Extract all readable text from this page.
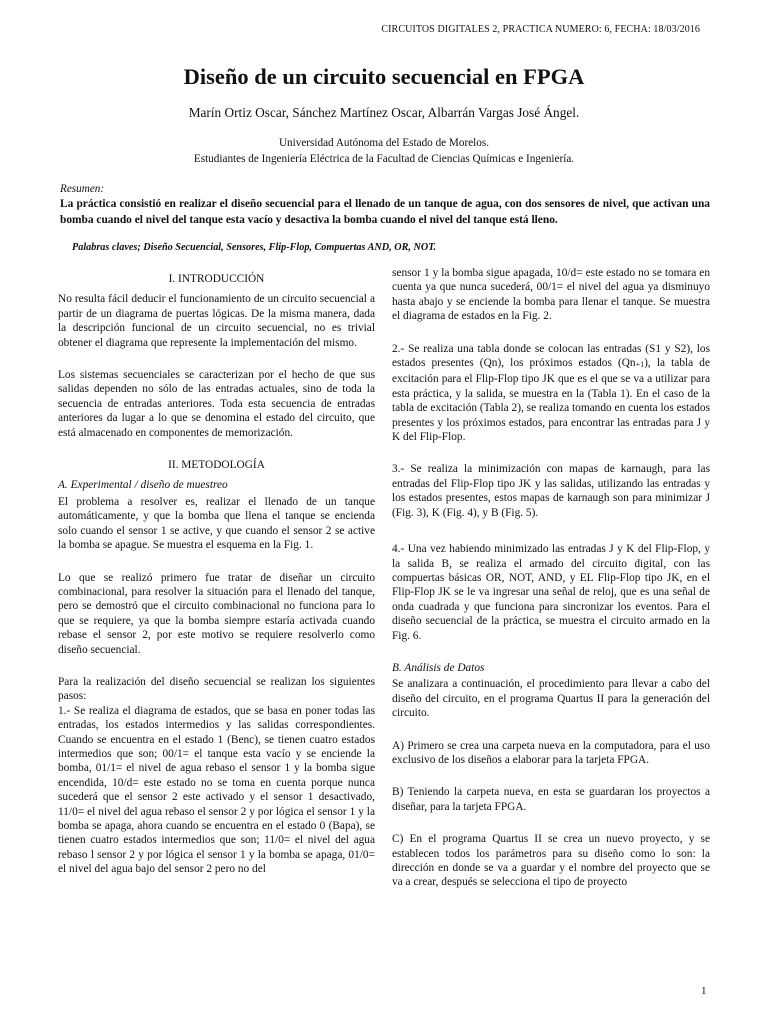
CIRCUITOS DIGITALES 2, PRACTICA NUMERO: 6, FECHA: 18/03/2016
Diseño de un circuito secuencial en FPGA
Marín Ortiz Oscar, Sánchez Martínez Oscar, Albarrán Vargas José Ángel.
Universidad Autónoma del Estado de Morelos.
Estudiantes de Ingeniería Eléctrica de la Facultad de Ciencias Químicas e Ingeniería.
Resumen:
La práctica consistió en realizar el diseño secuencial para el llenado de un tanque de agua, con dos sensores de nivel, que activan una bomba cuando el nivel del tanque esta vacío y desactiva la bomba cuando el nivel del tanque está lleno.
Palabras claves; Diseño Secuencial, Sensores, Flip-Flop, Compuertas AND, OR, NOT.

I. INTRODUCCIÓN

No resulta fácil deducir el funcionamiento de un circuito secuencial a partir de un diagrama de puertas lógicas. De la misma manera, dada la descripción funcional de un circuito secuencial, no es trivial obtener el diagrama que represente la implementación del mismo.

Los sistemas secuenciales se caracterizan por el hecho de que sus salidas dependen no sólo de las entradas actuales, sino de toda la secuencia de entradas anteriores. Toda esta secuencia de entradas anteriores da lugar a lo que se denomina el estado del circuito, que está almacenado en componentes de memorización.

II. METODOLOGÍA

A. Experimental / diseño de muestreo

El problema a resolver es, realizar el llenado de un tanque automáticamente, y que la bomba que llena el tanque se encienda solo cuando el sensor 1 se active, y que cuando el sensor 2 se active la bomba se apague. Se muestra el esquema en la Fig. 1.

Lo que se realizó primero fue tratar de diseñar un circuito combinacional, para resolver la situación para el llenado del tanque, pero se demostró que el circuito combinacional no funciona para lo que se requiere, ya que la bomba siempre estaría activada cuando rebase el sensor 2, por este motivo se requiere resolverlo como diseño secuencial.

Para la realización del diseño secuencial se realizan los siguientes pasos:

1.- Se realiza el diagrama de estados, que se basa en poner todas las entradas, los estados intermedios y las salidas correspondientes. Cuando se encuentra en el estado 1 (Benc), se tienen cuatro estados intermedios que son; 00/1= el tanque esta vacío y se enciende la bomba, 01/1= el nivel de agua rebaso el sensor 1 y la bomba sigue encendida, 10/d= este estado no se toma en cuenta porque nunca sucederá que el sensor 2 este activado y el sensor 1 desactivado, 11/0= el nivel del agua rebaso el sensor 2 y por lógica el sensor 1 y la bomba se apaga, ahora cuando se encuentra en el estado 0 (Bapa), se tienen cuatro estados intermedios que son; 11/0= el nivel del agua rebaso l sensor 2 y por lógica el sensor 1 y la bomba se apaga, 01/0= el nivel del agua bajo del sensor 2 pero no del

sensor 1 y la bomba sigue apagada, 10/d= este estado no se tomara en cuenta ya que nunca sucederá, 00/1= el nivel del agua ya disminuyo hasta abajo y se enciende la bomba para llenar el tanque. Se muestra el diagrama de estados en la Fig. 2.

2.- Se realiza una tabla donde se colocan las entradas (S1 y S2), los estados presentes (Qn), los próximos estados (Qn+1), la tabla de excitación para el Flip-Flop tipo JK que es el que se va a utilizar para esta práctica, y la salida, se muestra en la (Tabla 1). En el caso de la tabla de excitación (Tabla 2), se realiza tomando en cuenta los estados presentes y los próximos estados, para encontrar las entradas para J y K del Flip-Flop.

3.- Se realiza la minimización con mapas de karnaugh, para las entradas del Flip-Flop tipo JK y las salidas, utilizando las entradas y los estados presentes, estos mapas de karnaugh son para minimizar J (Fig. 3), K (Fig. 4), y B (Fig. 5).

4.- Una vez habiendo minimizado las entradas J y K del Flip-Flop, y la salida B, se realiza el armado del circuito digital, con las compuertas básicas OR, NOT, AND, y EL Flip-Flop tipo JK, en el Flip-Flop JK se le va ingresar una señal de reloj, que es una señal de onda cuadrada y que funciona para sincronizar los eventos. Para el diseño secuencial de la práctica, se muestra el circuito armado en la Fig. 6.

B. Análisis de Datos

Se analizara a continuación, el procedimiento para llevar a cabo del diseño del circuito, en el programa Quartus II para la generación del circuito.

A) Primero se crea una carpeta nueva en la computadora, para el uso exclusivo de los diseños a elaborar para la tarjeta FPGA.

B) Teniendo la carpeta nueva, en esta se guardaran los proyectos a diseñar, para la tarjeta FPGA.

C) En el programa Quartus II se crea un nuevo proyecto, y se establecen todos los parámetros para su diseño como lo son: la dirección en donde se va a guardar y el nombre del proyecto que se va a crear, después se selecciona el tipo de proyecto

1
